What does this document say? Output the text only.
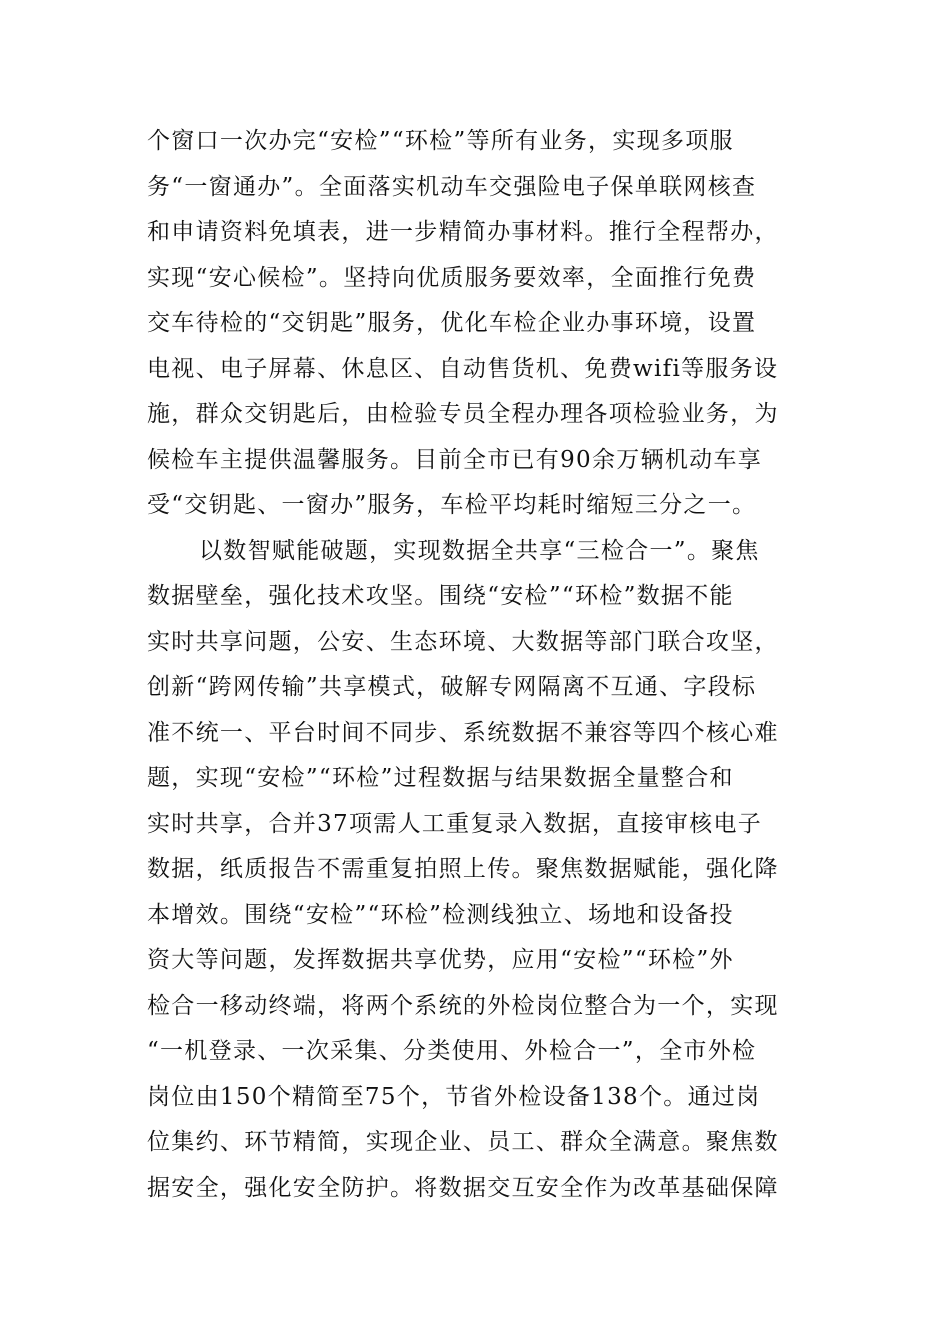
个窗口一次办完“安检”“环检”等所有业务，实现多项服
务“一窗通办”。全面落实机动车交强险电子保单联网核查
和申请资料免填表，进一步精简办事材料。推行全程帮办，
实现“安心候检”。坚持向优质服务要效率，全面推行免费
交车待检的“交钥匙”服务，优化车检企业办事环境，设置
电视、电子屏幕、休息区、自动售货机、免费wifi等服务设
施，群众交钥匙后，由检验专员全程办理各项检验业务，为
候检车主提供温馨服务。目前全市已有90余万辆机动车享
受“交钥匙、一窗办”服务，车检平均耗时缩短三分之一。
以数智赋能破题，实现数据全共享“三检合一”。聚焦
数据壁垒，强化技术攻坚。围绕“安检”“环检”数据不能
实时共享问题，公安、生态环境、大数据等部门联合攻坚，
创新“跨网传输”共享模式，破解专网隔离不互通、字段标
准不统一、平台时间不同步、系统数据不兼容等四个核心难
题，实现“安检”“环检”过程数据与结果数据全量整合和
实时共享，合并37项需人工重复录入数据，直接审核电子
数据，纸质报告不需重复拍照上传。聚焦数据赋能，强化降
本增效。围绕“安检”“环检”检测线独立、场地和设备投
资大等问题，发挥数据共享优势，应用“安检”“环检”外
检合一移动终端，将两个系统的外检岗位整合为一个，实现
“一机登录、一次采集、分类使用、外检合一”，全市外检
岗位由150个精简至75个，节省外检设备138个。通过岗
位集约、环节精简，实现企业、员工、群众全满意。聚焦数
据安全，强化安全防护。将数据交互安全作为改革基础保障
